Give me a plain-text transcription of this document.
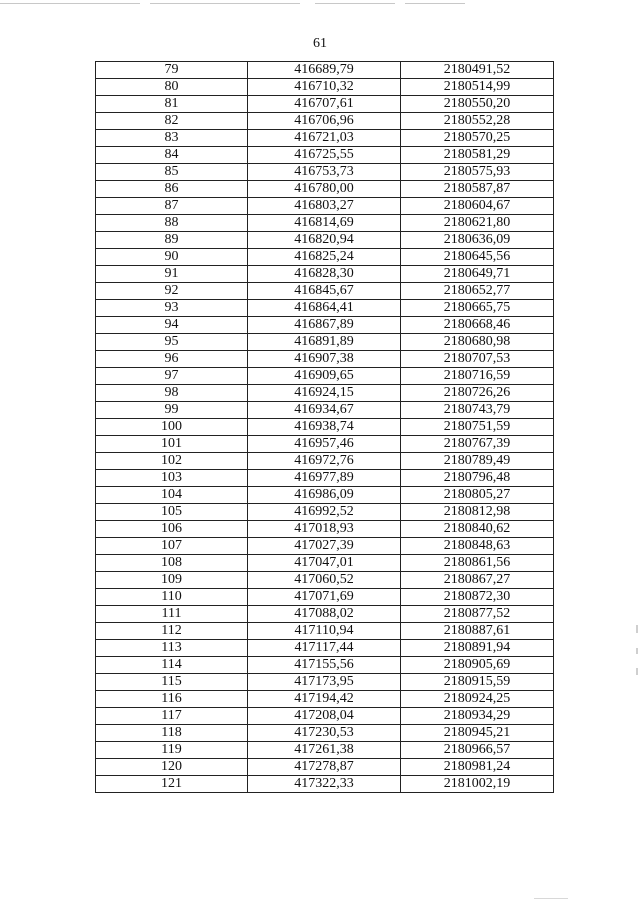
61
79	416689,79	2180491,52
80	416710,32	2180514,99
81	416707,61	2180550,20
82	416706,96	2180552,28
83	416721,03	2180570,25
84	416725,55	2180581,29
85	416753,73	2180575,93
86	416780,00	2180587,87
87	416803,27	2180604,67
88	416814,69	2180621,80
89	416820,94	2180636,09
90	416825,24	2180645,56
91	416828,30	2180649,71
92	416845,67	2180652,77
93	416864,41	2180665,75
94	416867,89	2180668,46
95	416891,89	2180680,98
96	416907,38	2180707,53
97	416909,65	2180716,59
98	416924,15	2180726,26
99	416934,67	2180743,79
100	416938,74	2180751,59
101	416957,46	2180767,39
102	416972,76	2180789,49
103	416977,89	2180796,48
104	416986,09	2180805,27
105	416992,52	2180812,98
106	417018,93	2180840,62
107	417027,39	2180848,63
108	417047,01	2180861,56
109	417060,52	2180867,27
110	417071,69	2180872,30
111	417088,02	2180877,52
112	417110,94	2180887,61
113	417117,44	2180891,94
114	417155,56	2180905,69
115	417173,95	2180915,59
116	417194,42	2180924,25
117	417208,04	2180934,29
118	417230,53	2180945,21
119	417261,38	2180966,57
120	417278,87	2180981,24
121	417322,33	2181002,19
